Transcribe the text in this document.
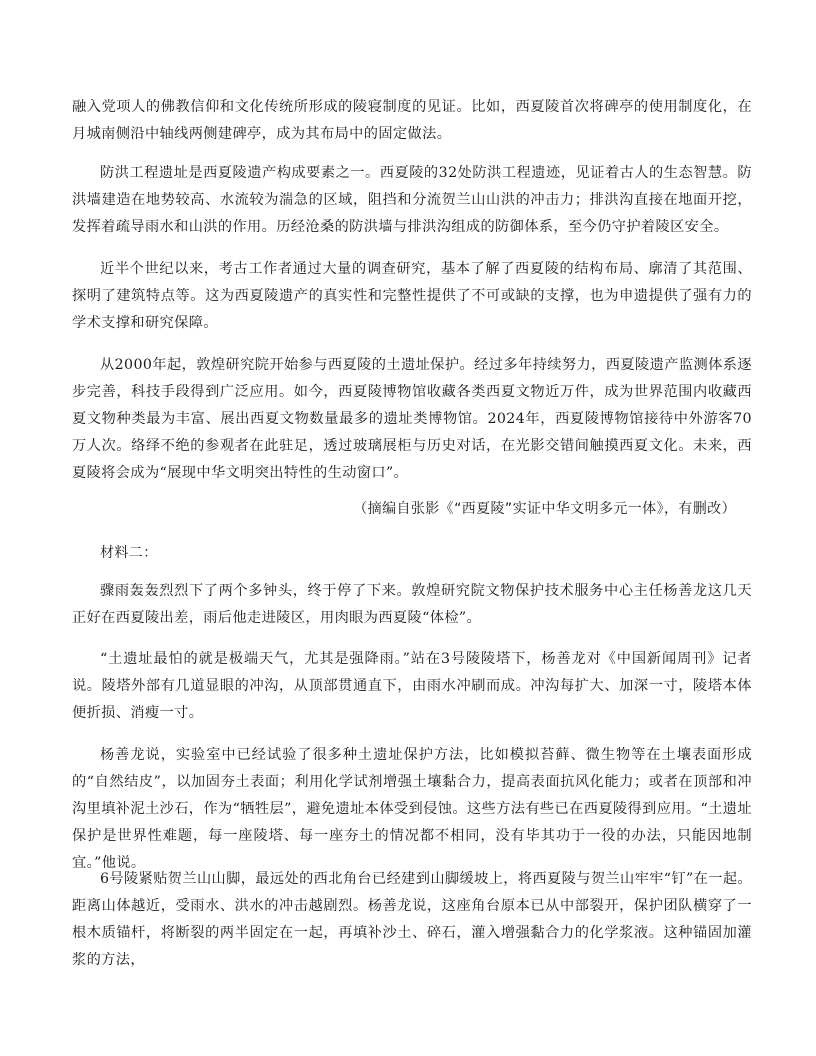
融入党项人的佛教信仰和文化传统所形成的陵寝制度的见证。比如，西夏陵首次将碑亭的使用制度化，在月城南侧沿中轴线两侧建碑亭，成为其布局中的固定做法。

防洪工程遗址是西夏陵遗产构成要素之一。西夏陵的32处防洪工程遗迹，见证着古人的生态智慧。防洪墙建造在地势较高、水流较为湍急的区域，阻挡和分流贺兰山山洪的冲击力；排洪沟直接在地面开挖，发挥着疏导雨水和山洪的作用。历经沧桑的防洪墙与排洪沟组成的防御体系，至今仍守护着陵区安全。

近半个世纪以来，考古工作者通过大量的调查研究，基本了解了西夏陵的结构布局、廓清了其范围、探明了建筑特点等。这为西夏陵遗产的真实性和完整性提供了不可或缺的支撑，也为申遗提供了强有力的学术支撑和研究保障。

从2000年起，敦煌研究院开始参与西夏陵的土遗址保护。经过多年持续努力，西夏陵遗产监测体系逐步完善，科技手段得到广泛应用。如今，西夏陵博物馆收藏各类西夏文物近万件，成为世界范围内收藏西夏文物种类最为丰富、展出西夏文物数量最多的遗址类博物馆。2024年，西夏陵博物馆接待中外游客70万人次。络绎不绝的参观者在此驻足，透过玻璃展柜与历史对话，在光影交错间触摸西夏文化。未来，西夏陵将会成为“展现中华文明突出特性的生动窗口”。

（摘编自张影《“西夏陵”实证中华文明多元一体》，有删改）
材料二：

骤雨轰轰烈烈下了两个多钟头，终于停了下来。敦煌研究院文物保护技术服务中心主任杨善龙这几天正好在西夏陵出差，雨后他走进陵区，用肉眼为西夏陵“体检”。

“土遗址最怕的就是极端天气，尤其是强降雨。”站在3号陵陵塔下，杨善龙对《中国新闻周刊》记者说。陵塔外部有几道显眼的冲沟，从顶部贯通直下，由雨水冲刷而成。冲沟每扩大、加深一寸，陵塔本体便折损、消瘦一寸。

杨善龙说，实验室中已经试验了很多种土遗址保护方法，比如模拟苔藓、微生物等在土壤表面形成的“自然结皮”，以加固夯土表面；利用化学试剂增强土壤黏合力，提高表面抗风化能力；或者在顶部和冲沟里填补泥土沙石，作为“牺牲层”，避免遗址本体受到侵蚀。这些方法有些已在西夏陵得到应用。“土遗址保护是世界性难题，每一座陵塔、每一座夯土的情况都不相同，没有毕其功于一役的办法，只能因地制宜。”他说。

6号陵紧贴贺兰山山脚，最远处的西北角台已经建到山脚缓坡上，将西夏陵与贺兰山牢牢“钉”在一起。距离山体越近，受雨水、洪水的冲击越剧烈。杨善龙说，这座角台原本已从中部裂开，保护团队横穿了一根木质锚杆，将断裂的两半固定在一起，再填补沙土、碎石，灌入增强黏合力的化学浆液。这种锚固加灌浆的方法，
